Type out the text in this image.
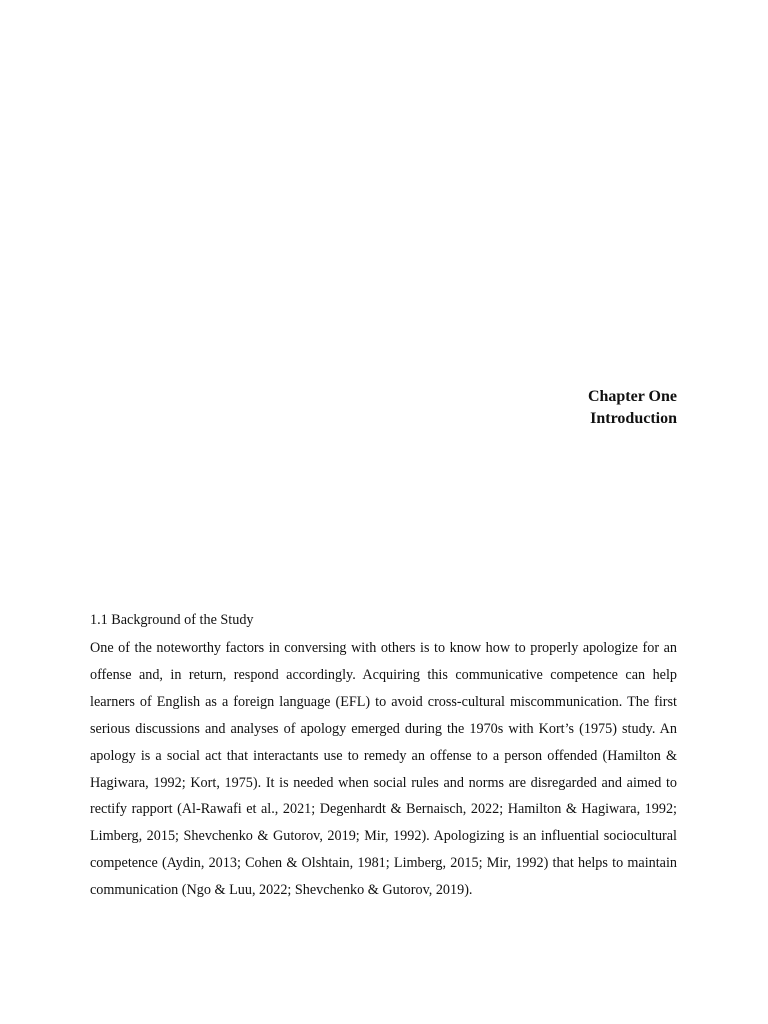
Chapter One
Introduction
1.1 Background of the Study

One of the noteworthy factors in conversing with others is to know how to properly apologize for an offense and, in return, respond accordingly. Acquiring this communicative competence can help learners of English as a foreign language (EFL) to avoid cross-cultural miscommunication. The first serious discussions and analyses of apology emerged during the 1970s with Kort’s (1975) study. An apology is a social act that interactants use to remedy an offense to a person offended (Hamilton & Hagiwara, 1992; Kort, 1975). It is needed when social rules and norms are disregarded and aimed to rectify rapport (Al-Rawafi et al., 2021; Degenhardt & Bernaisch, 2022; Hamilton & Hagiwara, 1992; Limberg, 2015; Shevchenko & Gutorov, 2019; Mir, 1992). Apologizing is an influential sociocultural competence (Aydin, 2013; Cohen & Olshtain, 1981; Limberg, 2015; Mir, 1992) that helps to maintain communication (Ngo & Luu, 2022; Shevchenko & Gutorov, 2019).
